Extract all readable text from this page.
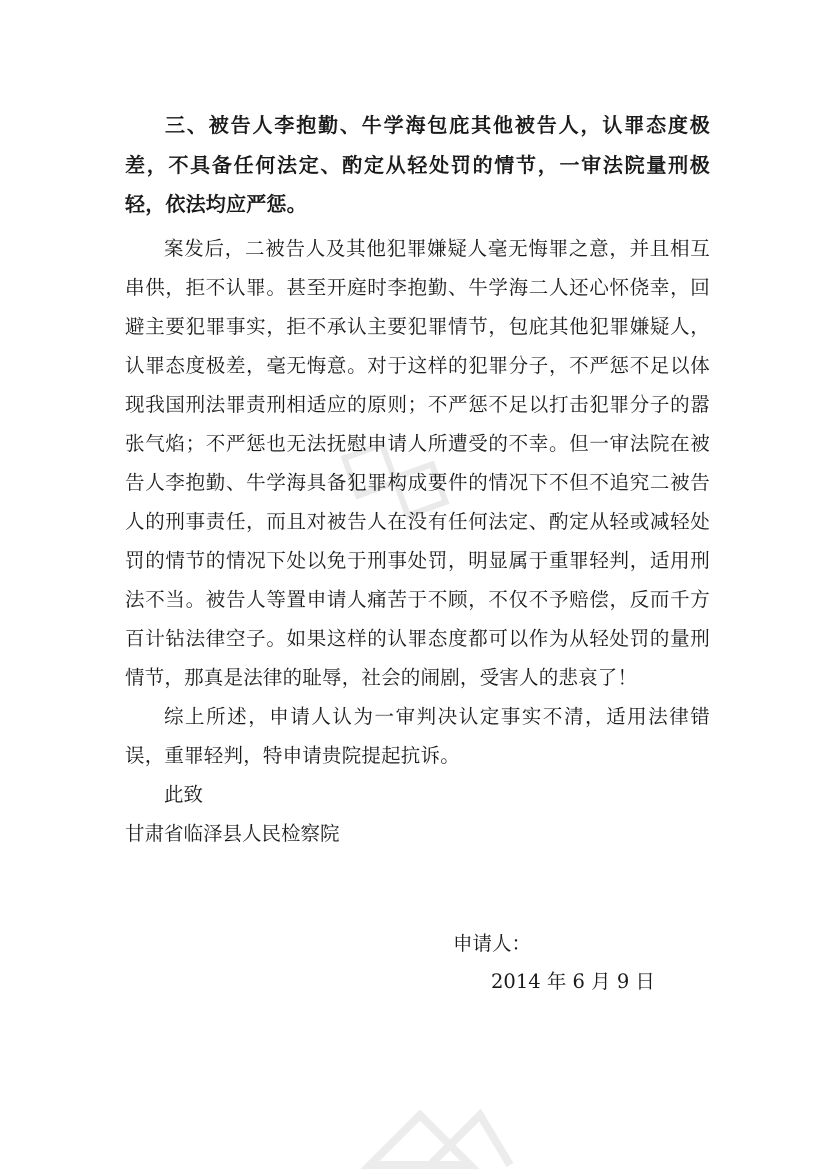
三、被告人李抱勤、牛学海包庇其他被告人，认罪态度极差，不具备任何法定、酌定从轻处罚的情节，一审法院量刑极轻，依法均应严惩。

案发后，二被告人及其他犯罪嫌疑人毫无悔罪之意，并且相互串供，拒不认罪。甚至开庭时李抱勤、牛学海二人还心怀侥幸，回避主要犯罪事实，拒不承认主要犯罪情节，包庇其他犯罪嫌疑人，认罪态度极差，毫无悔意。对于这样的犯罪分子，不严惩不足以体现我国刑法罪责刑相适应的原则；不严惩不足以打击犯罪分子的嚣张气焰；不严惩也无法抚慰申请人所遭受的不幸。但一审法院在被告人李抱勤、牛学海具备犯罪构成要件的情况下不但不追究二被告人的刑事责任，而且对被告人在没有任何法定、酌定从轻或减轻处罚的情节的情况下处以免于刑事处罚，明显属于重罪轻判，适用刑法不当。被告人等置申请人痛苦于不顾，不仅不予赔偿，反而千方百计钻法律空子。如果这样的认罪态度都可以作为从轻处罚的量刑情节，那真是法律的耻辱，社会的闹剧，受害人的悲哀了！

综上所述，申请人认为一审判决认定事实不清，适用法律错误，重罪轻判，特申请贵院提起抗诉。

此致

甘肃省临泽县人民检察院

申请人：
2014 年 6 月 9 日
